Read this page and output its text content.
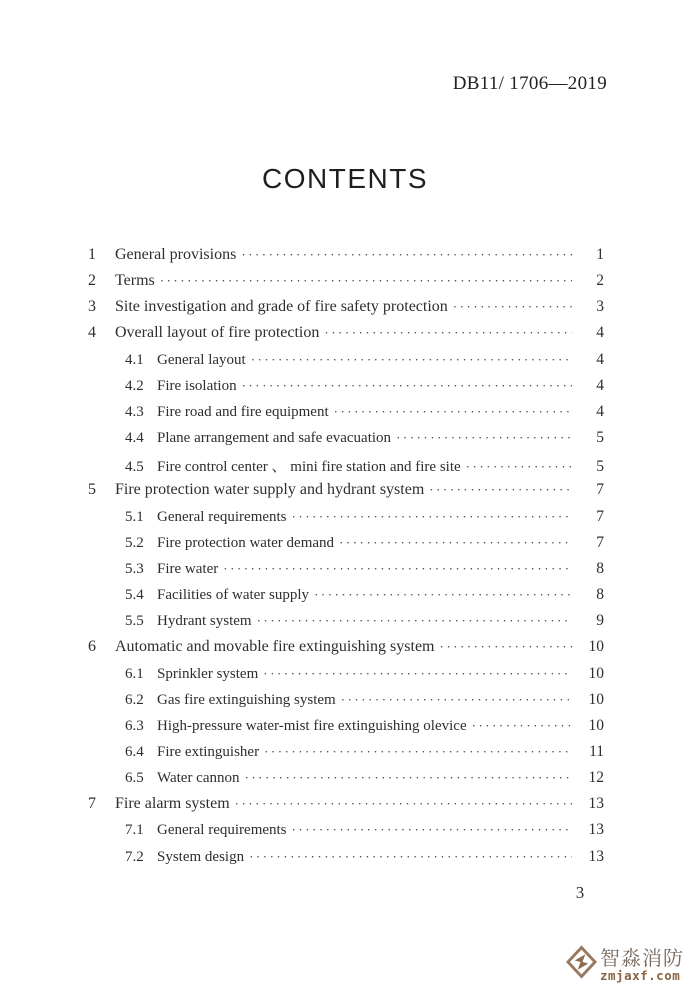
DB11/ 1706—2019
CONTENTS
1	General provisions ·····	1
2	Terms ·····	2
3	Site investigation and grade of fire safety protection ·····	3
4	Overall layout of fire protection ·····	4
4.1 General layout ·····	4
4.2 Fire isolation ·····	4
4.3 Fire road and fire equipment ·····	4
4.4 Plane arrangement and safe evacuation ·····	5
4.5 Fire control center 、 mini fire station and fire site ·····	5
5	Fire protection water supply and hydrant system ·····	7
5.1 General requirements ·····	7
5.2 Fire protection water demand ·····	7
5.3 Fire water ·····	8
5.4 Facilities of water supply ·····	8
5.5 Hydrant system ·····	9
6	Automatic and movable fire extinguishing system ·····	10
6.1 Sprinkler system ·····	10
6.2 Gas fire extinguishing system ·····	10
6.3 High-pressure water-mist fire extinguishing olevice ·····	10
6.4 Fire extinguisher ·····	11
6.5 Water cannon ·····	12
7	Fire alarm system ·····	13
7.1 General requirements ·····	13
7.2 System design ·····	13
3
智淼消防
zmjaxf.com
